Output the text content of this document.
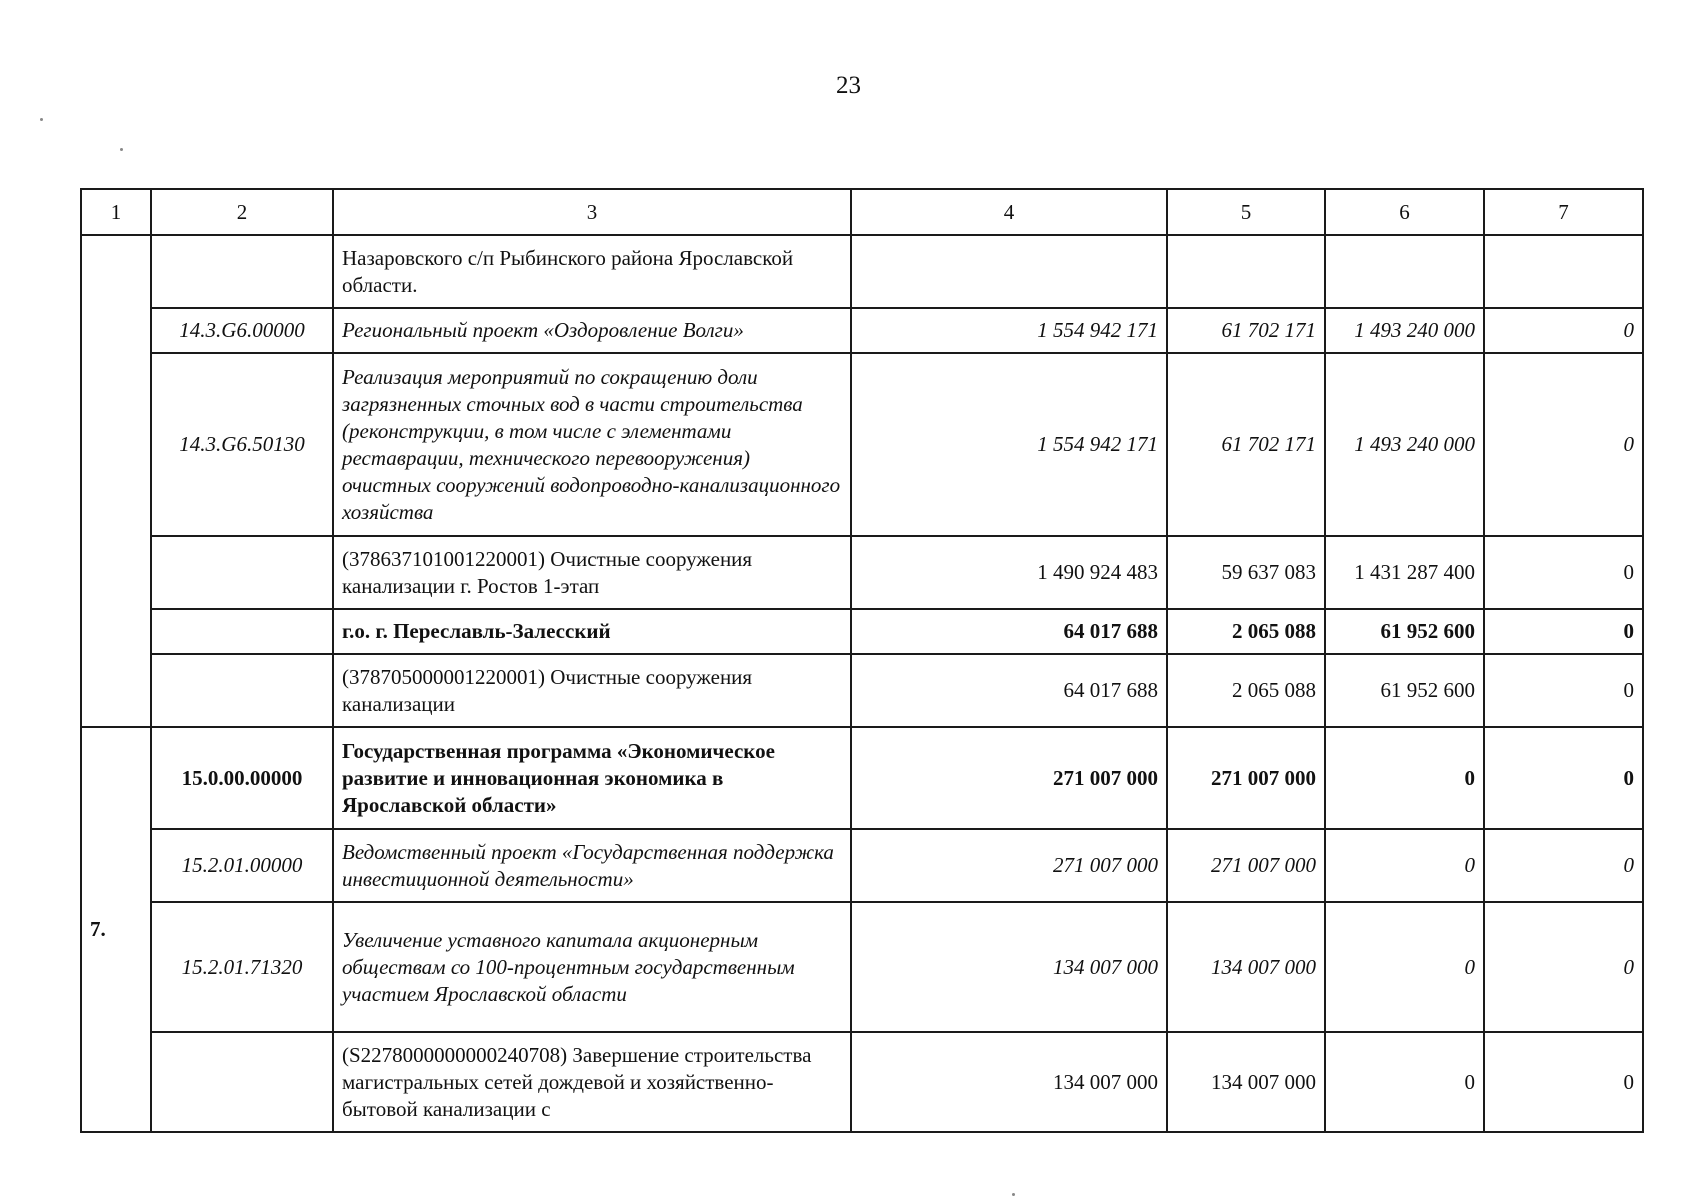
23
1	2	3	4	5	6	7
		Назаровского с/п Рыбинского района Ярославской области.				
	14.3.G6.00000	Региональный проект «Оздоровление Волги»	1 554 942 171	61 702 171	1 493 240 000	0
	14.3.G6.50130	Реализация мероприятий по сокращению доли загрязненных сточных вод в части строительства (реконструкции, в том числе с элементами реставрации, технического перевооружения) очистных сооружений водопроводно-канализационного хозяйства	1 554 942 171	61 702 171	1 493 240 000	0
		(378637101001220001) Очистные сооружения канализации г. Ростов 1-этап	1 490 924 483	59 637 083	1 431 287 400	0
		г.о. г. Переславль-Залесский	64 017 688	2 065 088	61 952 600	0
		(378705000001220001) Очистные сооружения канализации	64 017 688	2 065 088	61 952 600	0
7.	15.0.00.00000	Государственная программа «Экономическое развитие и инновационная экономика в Ярославской области»	271 007 000	271 007 000	0	0
	15.2.01.00000	Ведомственный проект «Государственная поддержка инвестиционной деятельности»	271 007 000	271 007 000	0	0
	15.2.01.71320	Увеличение уставного капитала акционерным обществам со 100-процентным государственным участием Ярославской области	134 007 000	134 007 000	0	0
		(S2278000000000240708) Завершение строительства магистральных сетей дождевой и хозяйственно-бытовой канализации с	134 007 000	134 007 000	0	0
